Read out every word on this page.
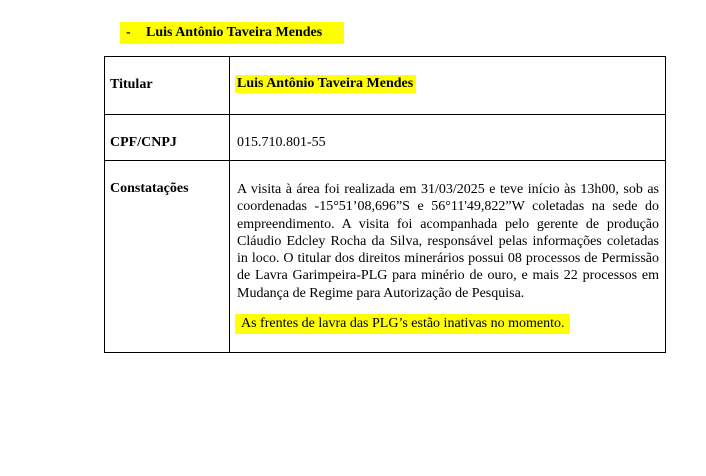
- Luis Antônio Taveira Mendes
Titular	Luis Antônio Taveira Mendes

CPF/CNPJ	015.710.801-55

Constatações	A visita à área foi realizada em 31/03/2025 e teve início às 13h00, sob as coordenadas -15°51’08,696”S e 56°11'49,822”W coletadas na sede do empreendimento. A visita foi acompanhada pelo gerente de produção Cláudio Edcley Rocha da Silva, responsável pelas informações coletadas in loco. O titular dos direitos minerários possui 08 processos de Permissão de Lavra Garimpeira-PLG para minério de ouro, e mais 22 processos em Mudança de Regime para Autorização de Pesquisa.
As frentes de lavra das PLG’s estão inativas no momento.
